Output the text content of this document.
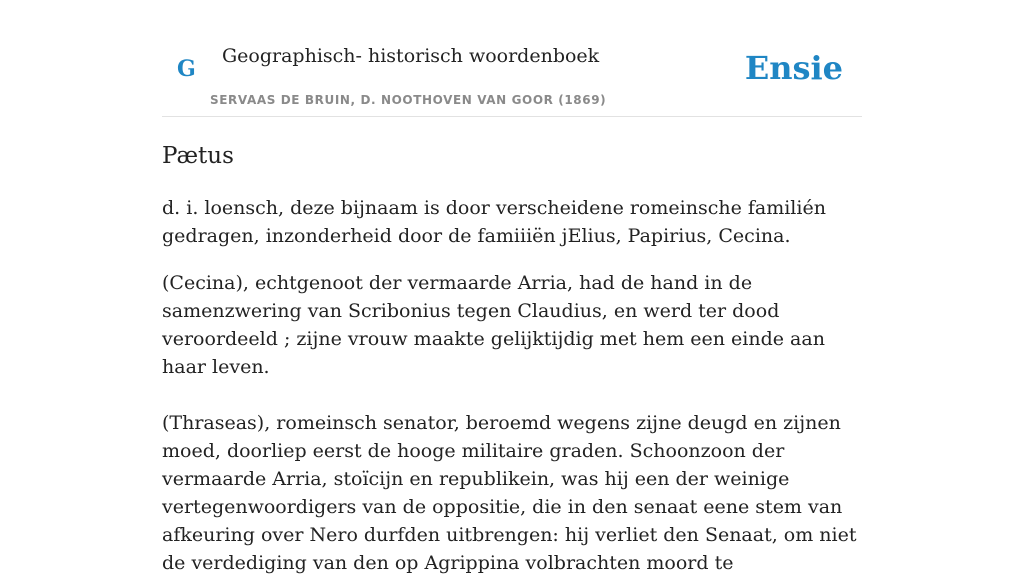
G Geographisch- historisch woordenboek
SERVAAS DE BRUIN, D. NOOTHOVEN VAN GOOR (1869)
Ensie
Pætus

d. i. loensch, deze bijnaam is door verscheidene romeinsche familién gedragen, inzonderheid door de famiiiën jElius, Papirius, Cecina.

(Cecina), echtgenoot der vermaarde Arria, had de hand in de samenzwering van Scribonius tegen Claudius, en werd ter dood veroordeeld ; zijne vrouw maakte gelijktijdig met hem een einde aan haar leven.

(Thraseas), romeinsch senator, beroemd wegens zijne deugd en zijnen moed, doorliep eerst de hooge militaire graden. Schoonzoon der vermaarde Arria, stoïcijn en republikein, was hij een der weinige vertegenwoordigers van de oppositie, die in den senaat eene stem van afkeuring over Nero durfden uitbrengen: hij verliet den Senaat, om niet de verdediging van den op Agrippina volbrachten moord te
